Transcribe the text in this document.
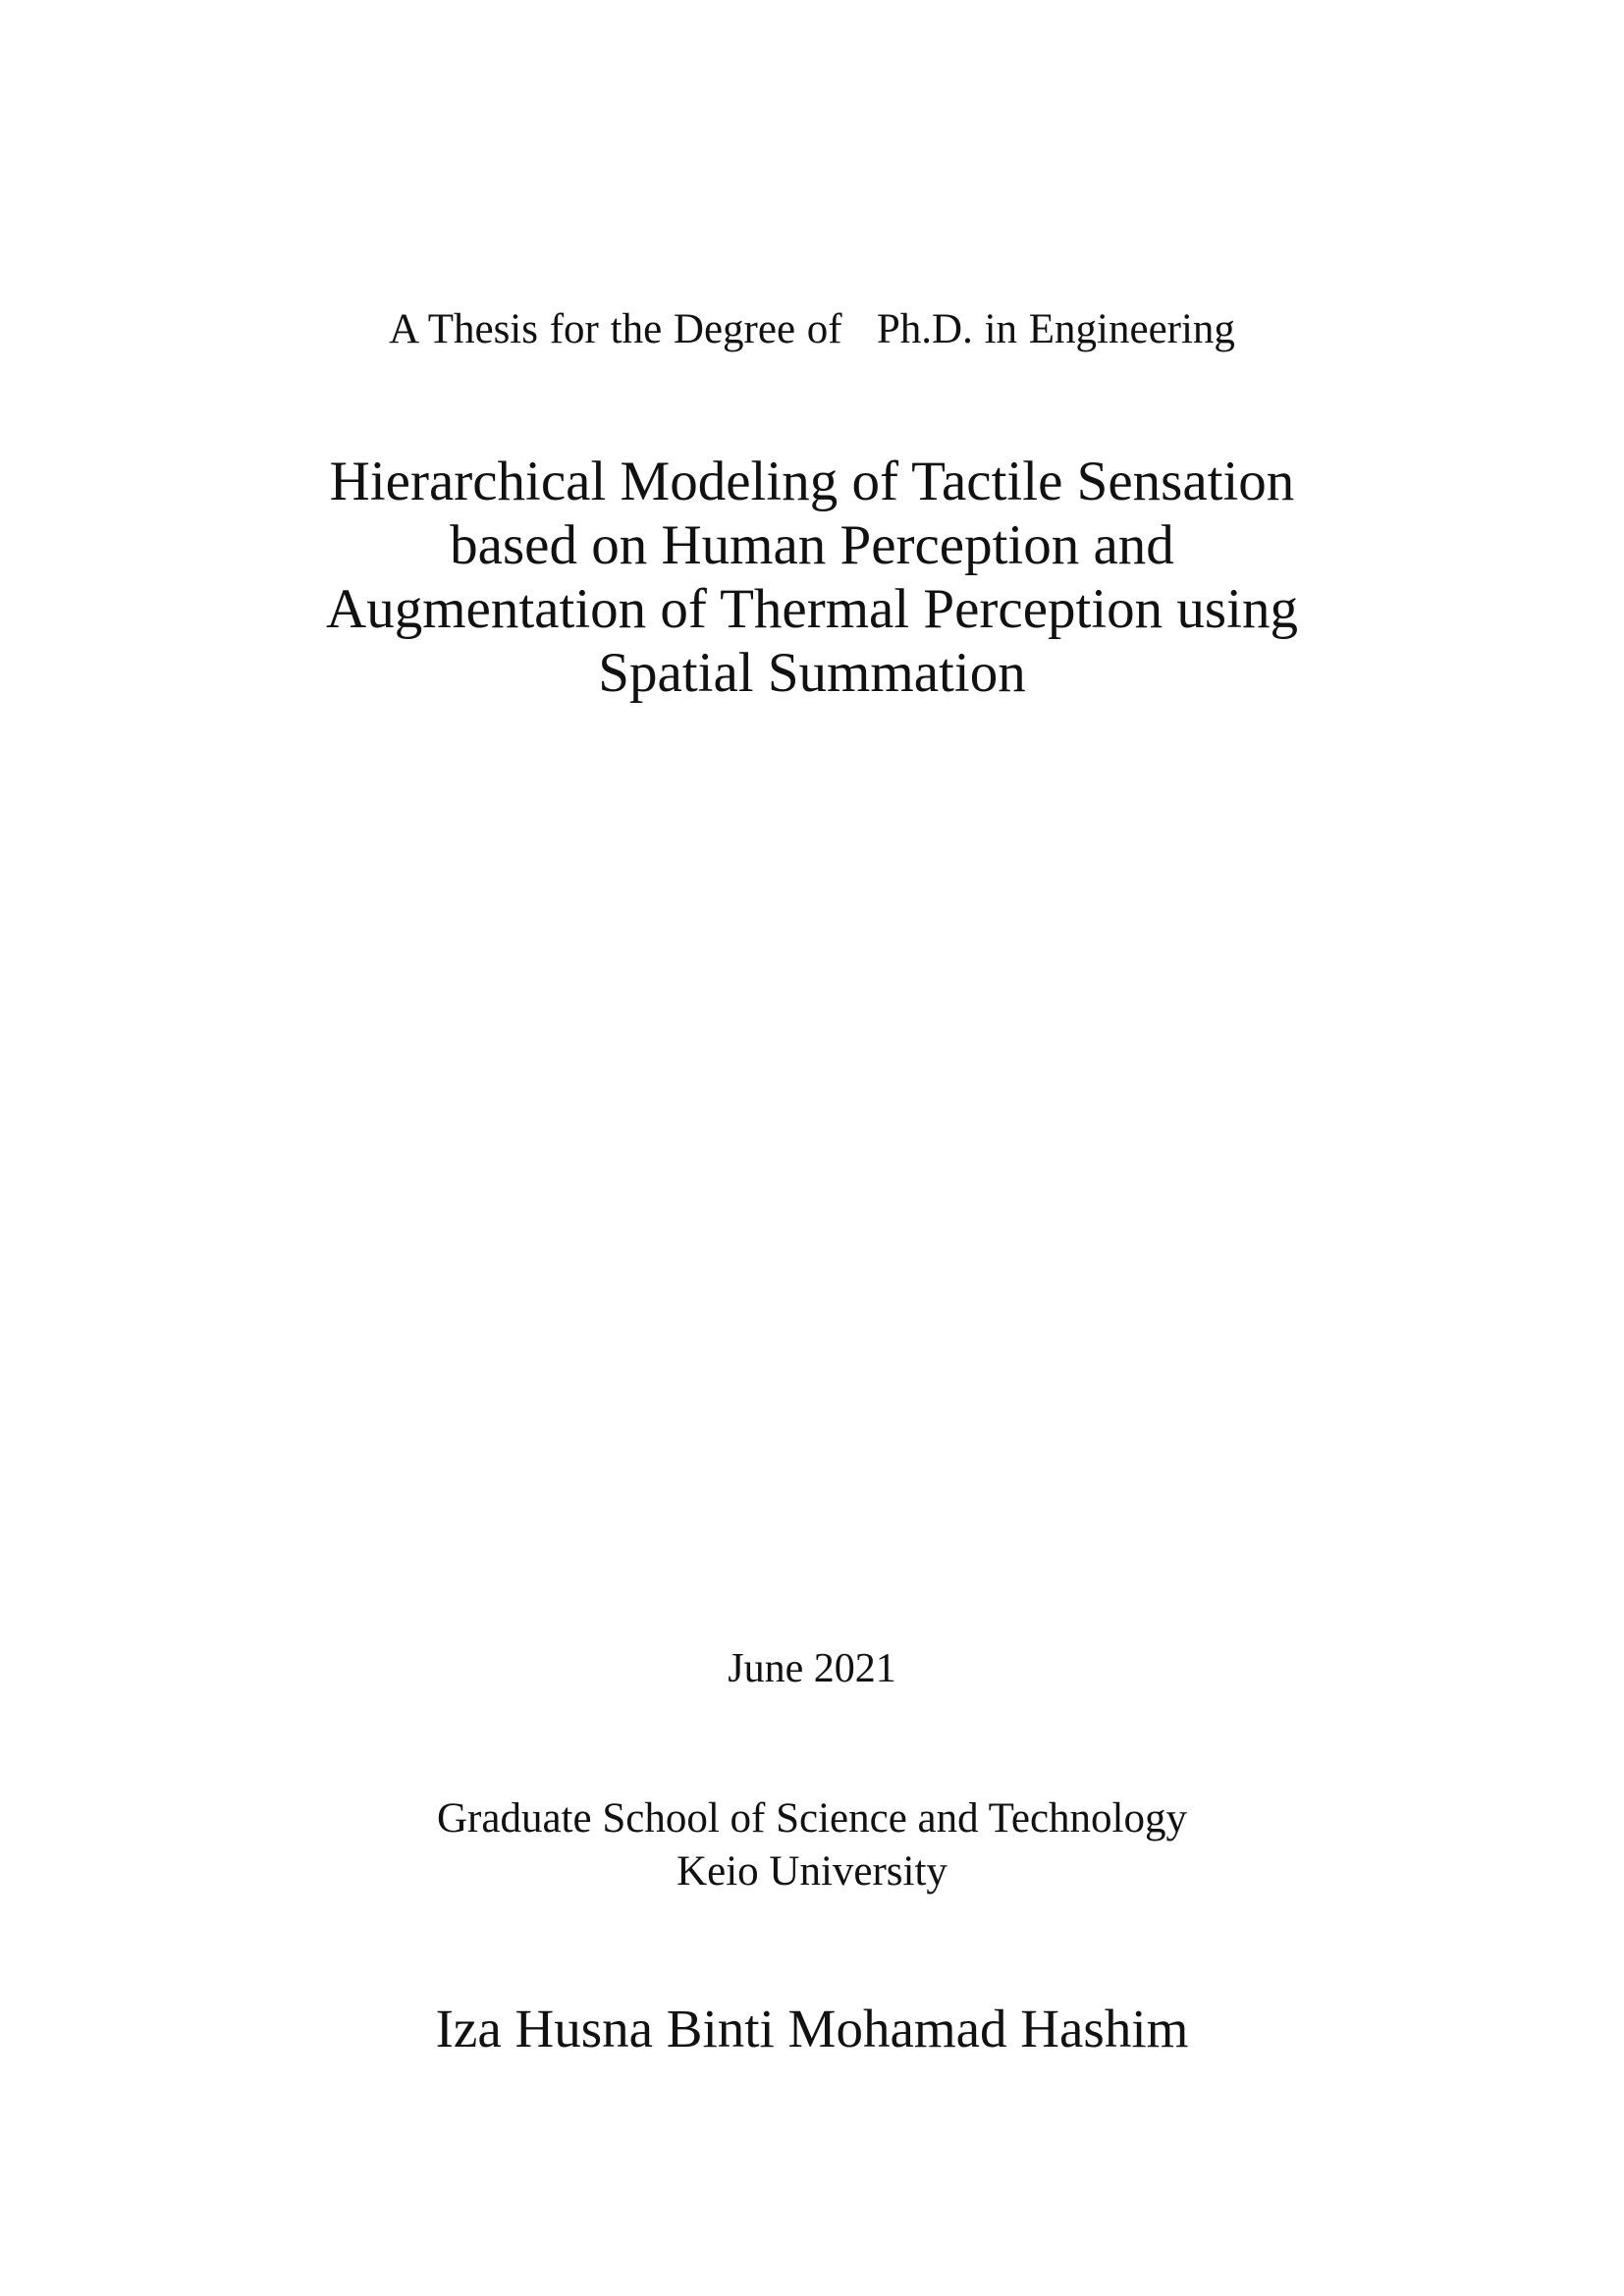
A Thesis for the Degree of   Ph.D. in Engineering
Hierarchical Modeling of Tactile Sensation
based on Human Perception and
Augmentation of Thermal Perception using
Spatial Summation
June 2021
Graduate School of Science and Technology
Keio University
Iza Husna Binti Mohamad Hashim
